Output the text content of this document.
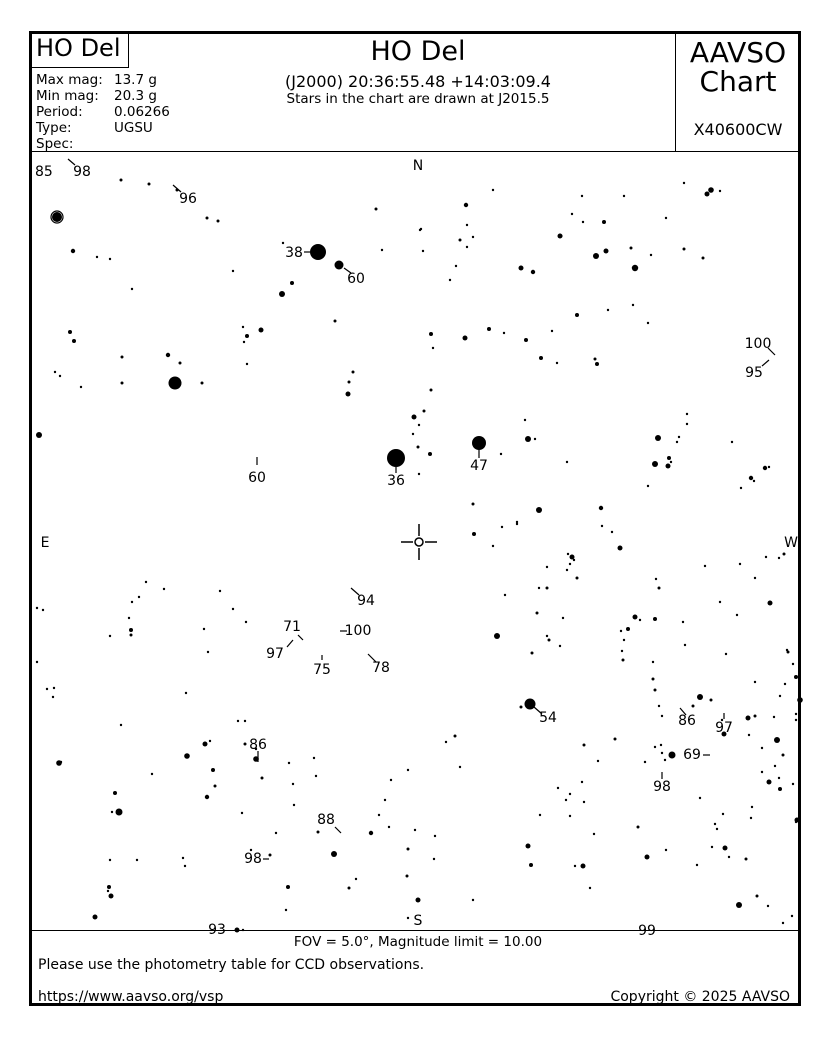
HO Del
Max mag: 13.7 g
Min mag:	20.3 g
Period:	0.06266
Type:	UGSU
Spec:
HO Del
(J2000) 20:36:55.48 +14:03:09.4
Stars in the chart are drawn at J2015.5
AAVSO Chart
X40600CW
N
S
E	W
85 98
96
38
60
100
95
60	36
47
94
71	100
97
75	78
54
86
97
86
69
98
88
98
93	99
FOV = 5.0°, Magnitude limit = 10.00
Please use the photometry table for CCD observations.
https://www.aavso.org/vsp	Copyright © 2025 AAVSO
